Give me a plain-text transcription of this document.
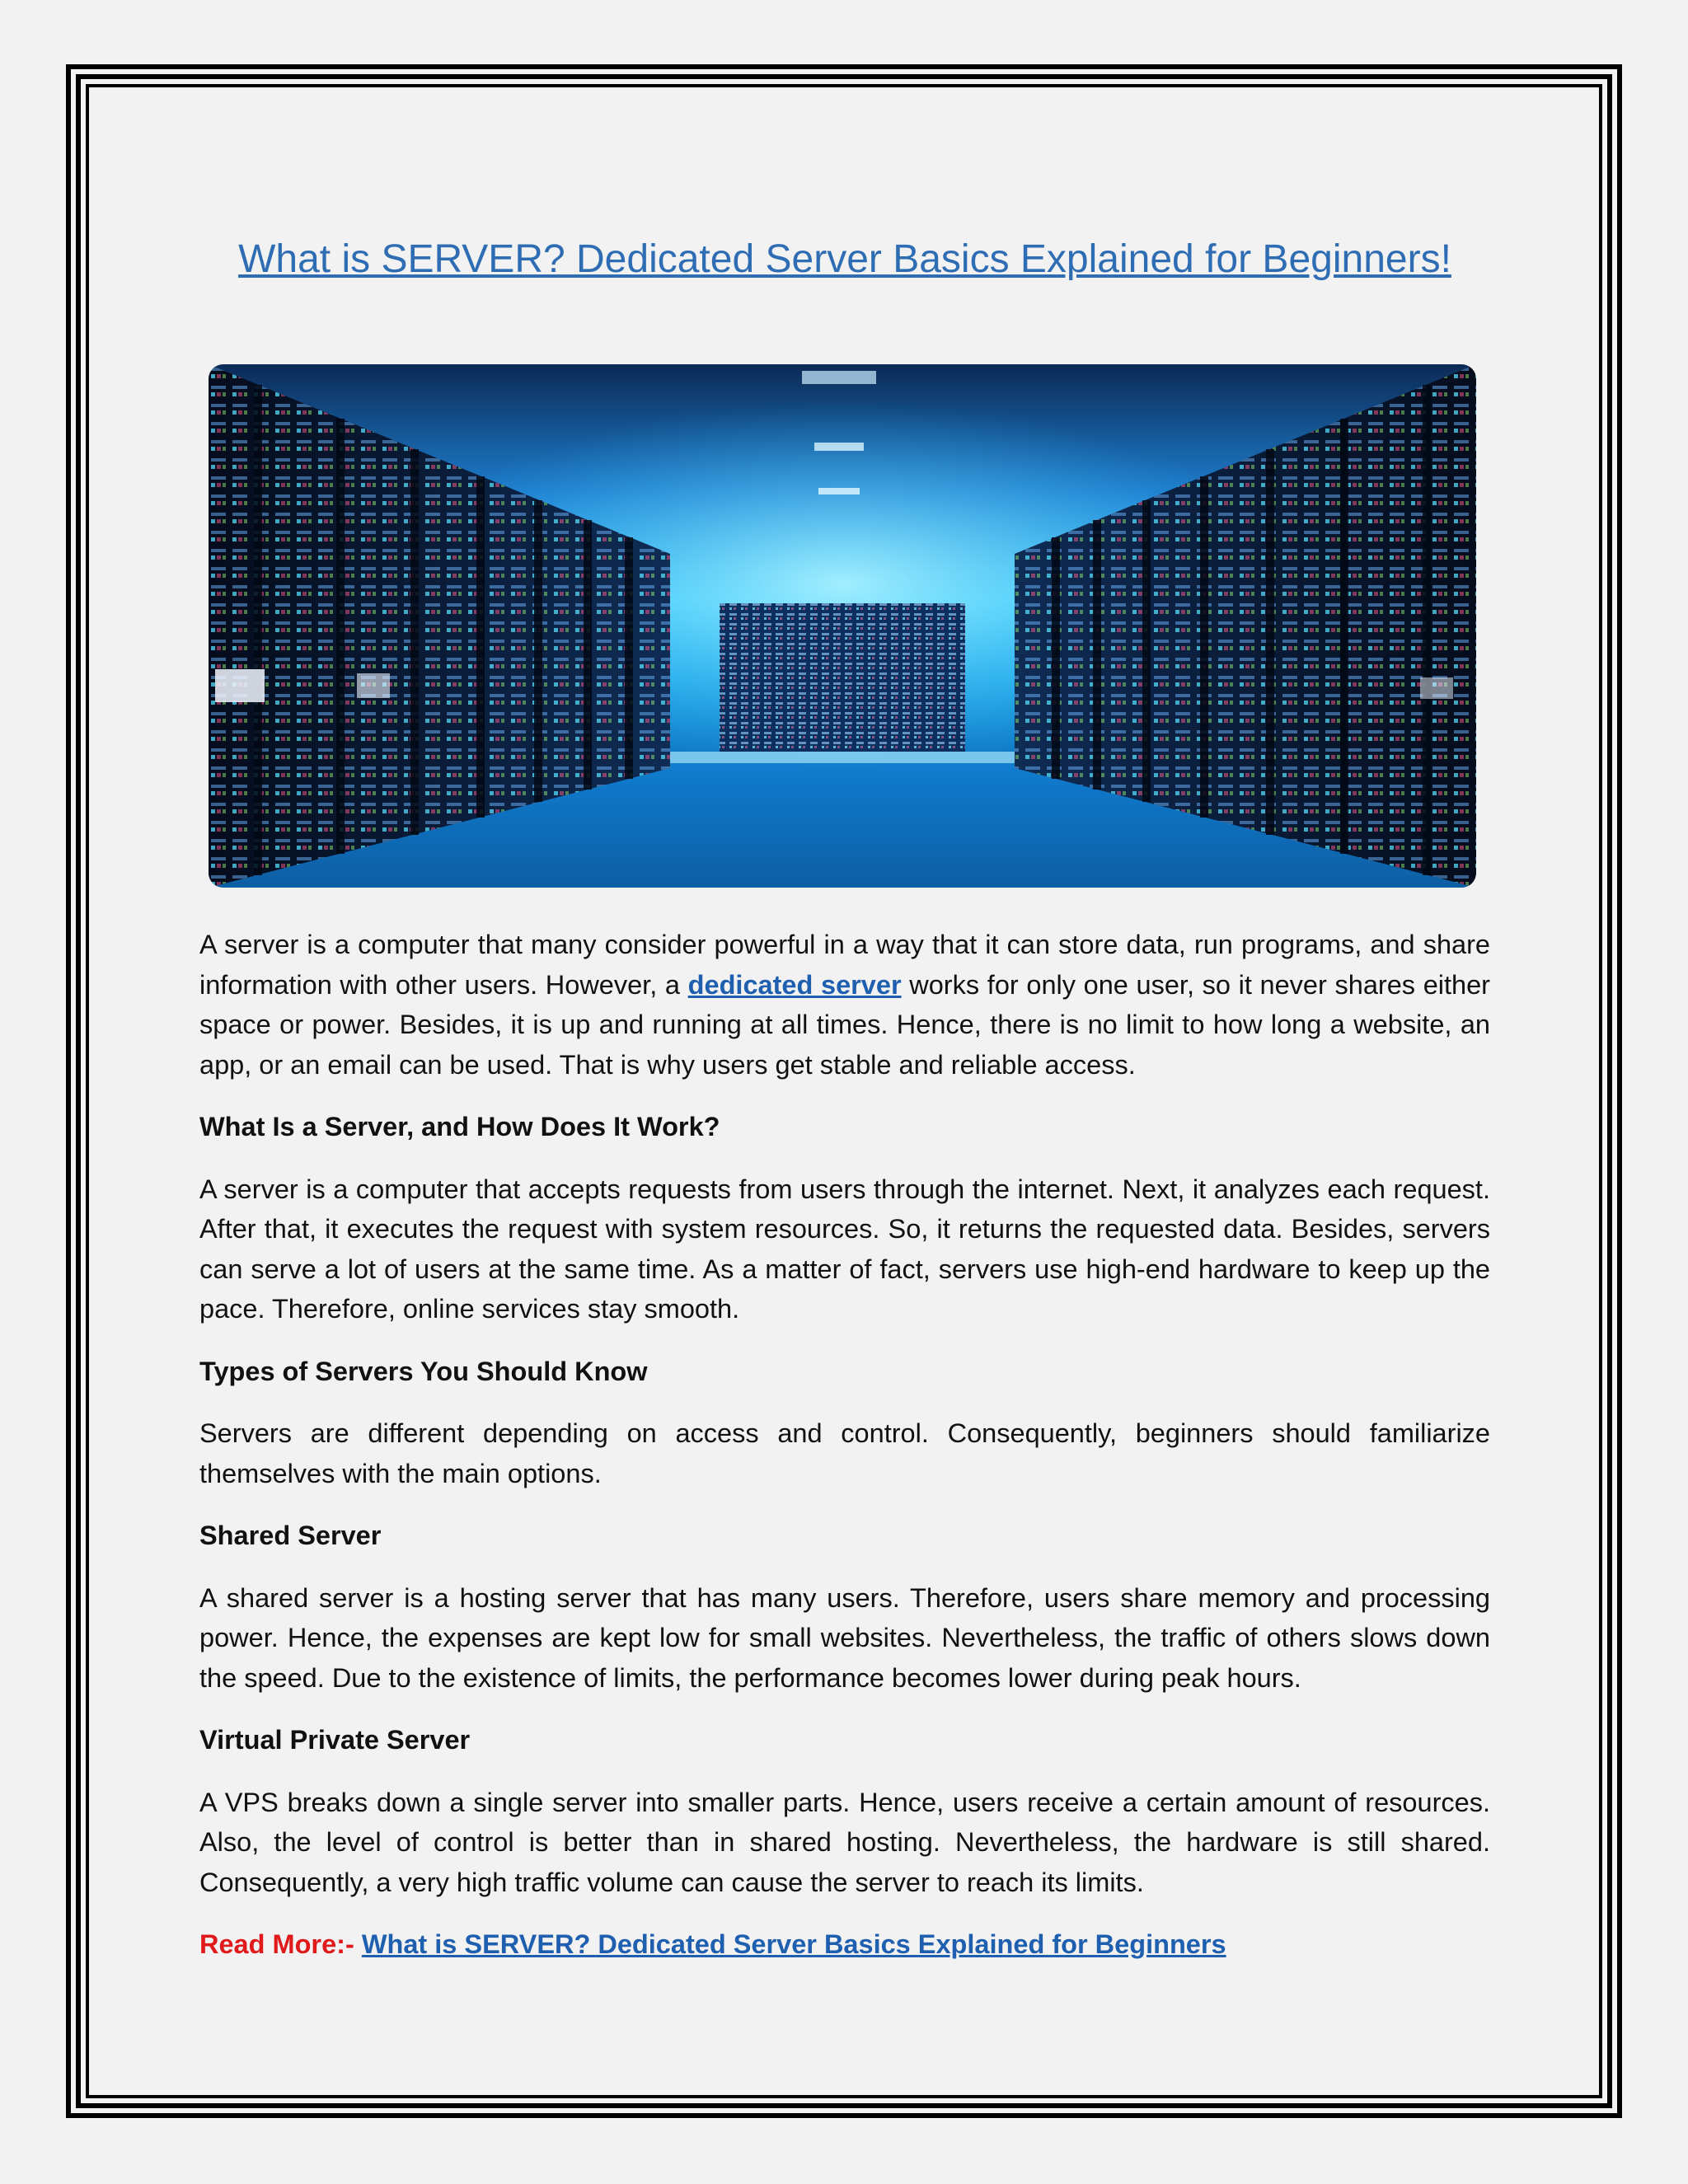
What is SERVER? Dedicated Server Basics Explained for Beginners!

A server is a computer that many consider powerful in a way that it can store data, run programs, and share information with other users. However, a dedicated server works for only one user, so it never shares either space or power. Besides, it is up and running at all times. Hence, there is no limit to how long a website, an app, or an email can be used. That is why users get stable and reliable access.

What Is a Server, and How Does It Work?

A server is a computer that accepts requests from users through the internet. Next, it analyzes each request. After that, it executes the request with system resources. So, it returns the requested data. Besides, servers can serve a lot of users at the same time. As a matter of fact, servers use high-end hardware to keep up the pace. Therefore, online services stay smooth.

Types of Servers You Should Know

Servers are different depending on access and control. Consequently, beginners should familiarize themselves with the main options.

Shared Server

A shared server is a hosting server that has many users. Therefore, users share memory and processing power. Hence, the expenses are kept low for small websites. Nevertheless, the traffic of others slows down the speed. Due to the existence of limits, the performance becomes lower during peak hours.

Virtual Private Server

A VPS breaks down a single server into smaller parts. Hence, users receive a certain amount of resources. Also, the level of control is better than in shared hosting. Nevertheless, the hardware is still shared. Consequently, a very high traffic volume can cause the server to reach its limits.

Read More:- What is SERVER? Dedicated Server Basics Explained for Beginners
